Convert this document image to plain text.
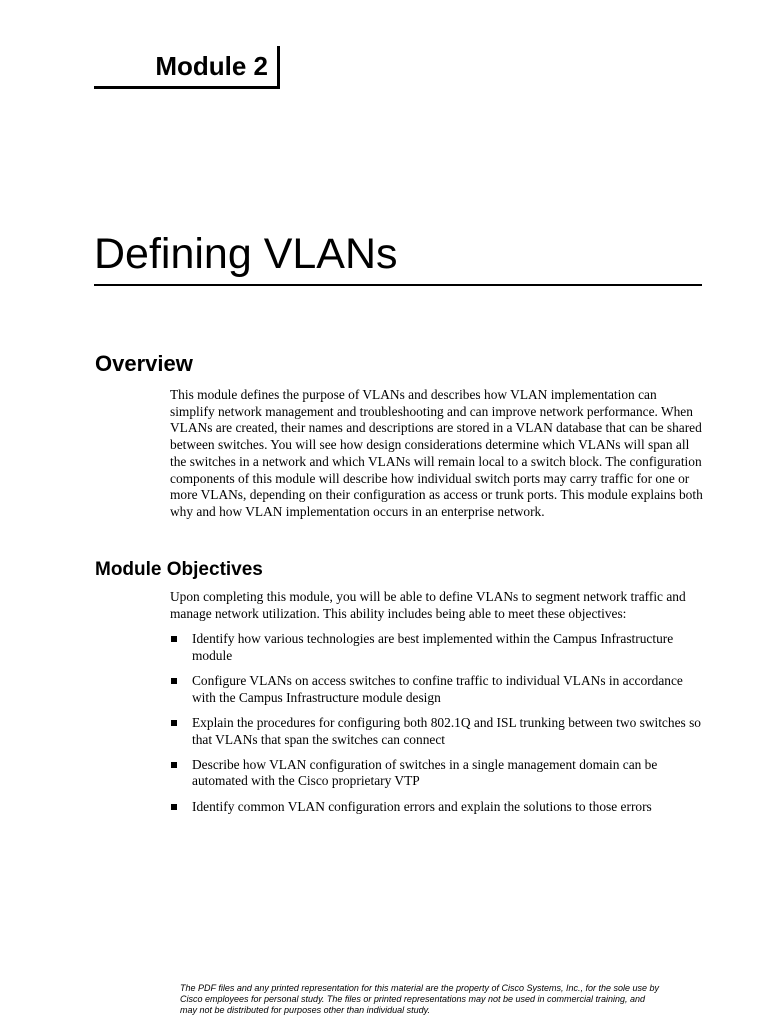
Module 2
Defining VLANs
Overview

This module defines the purpose of VLANs and describes how VLAN implementation can simplify network management and troubleshooting and can improve network performance. When VLANs are created, their names and descriptions are stored in a VLAN database that can be shared between switches. You will see how design considerations determine which VLANs will span all the switches in a network and which VLANs will remain local to a switch block. The configuration components of this module will describe how individual switch ports may carry traffic for one or more VLANs, depending on their configuration as access or trunk ports. This module explains both why and how VLAN implementation occurs in an enterprise network.

Module Objectives

Upon completing this module, you will be able to define VLANs to segment network traffic and manage network utilization. This ability includes being able to meet these objectives:

Identify how various technologies are best implemented within the Campus Infrastructure module
Configure VLANs on access switches to confine traffic to individual VLANs in accordance with the Campus Infrastructure module design
Explain the procedures for configuring both 802.1Q and ISL trunking between two switches so that VLANs that span the switches can connect
Describe how VLAN configuration of switches in a single management domain can be automated with the Cisco proprietary VTP
Identify common VLAN configuration errors and explain the solutions to those errors

The PDF files and any printed representation for this material are the property of Cisco Systems, Inc., for the sole use by Cisco employees for personal study. The files or printed representations may not be used in commercial training, and may not be distributed for purposes other than individual study.
